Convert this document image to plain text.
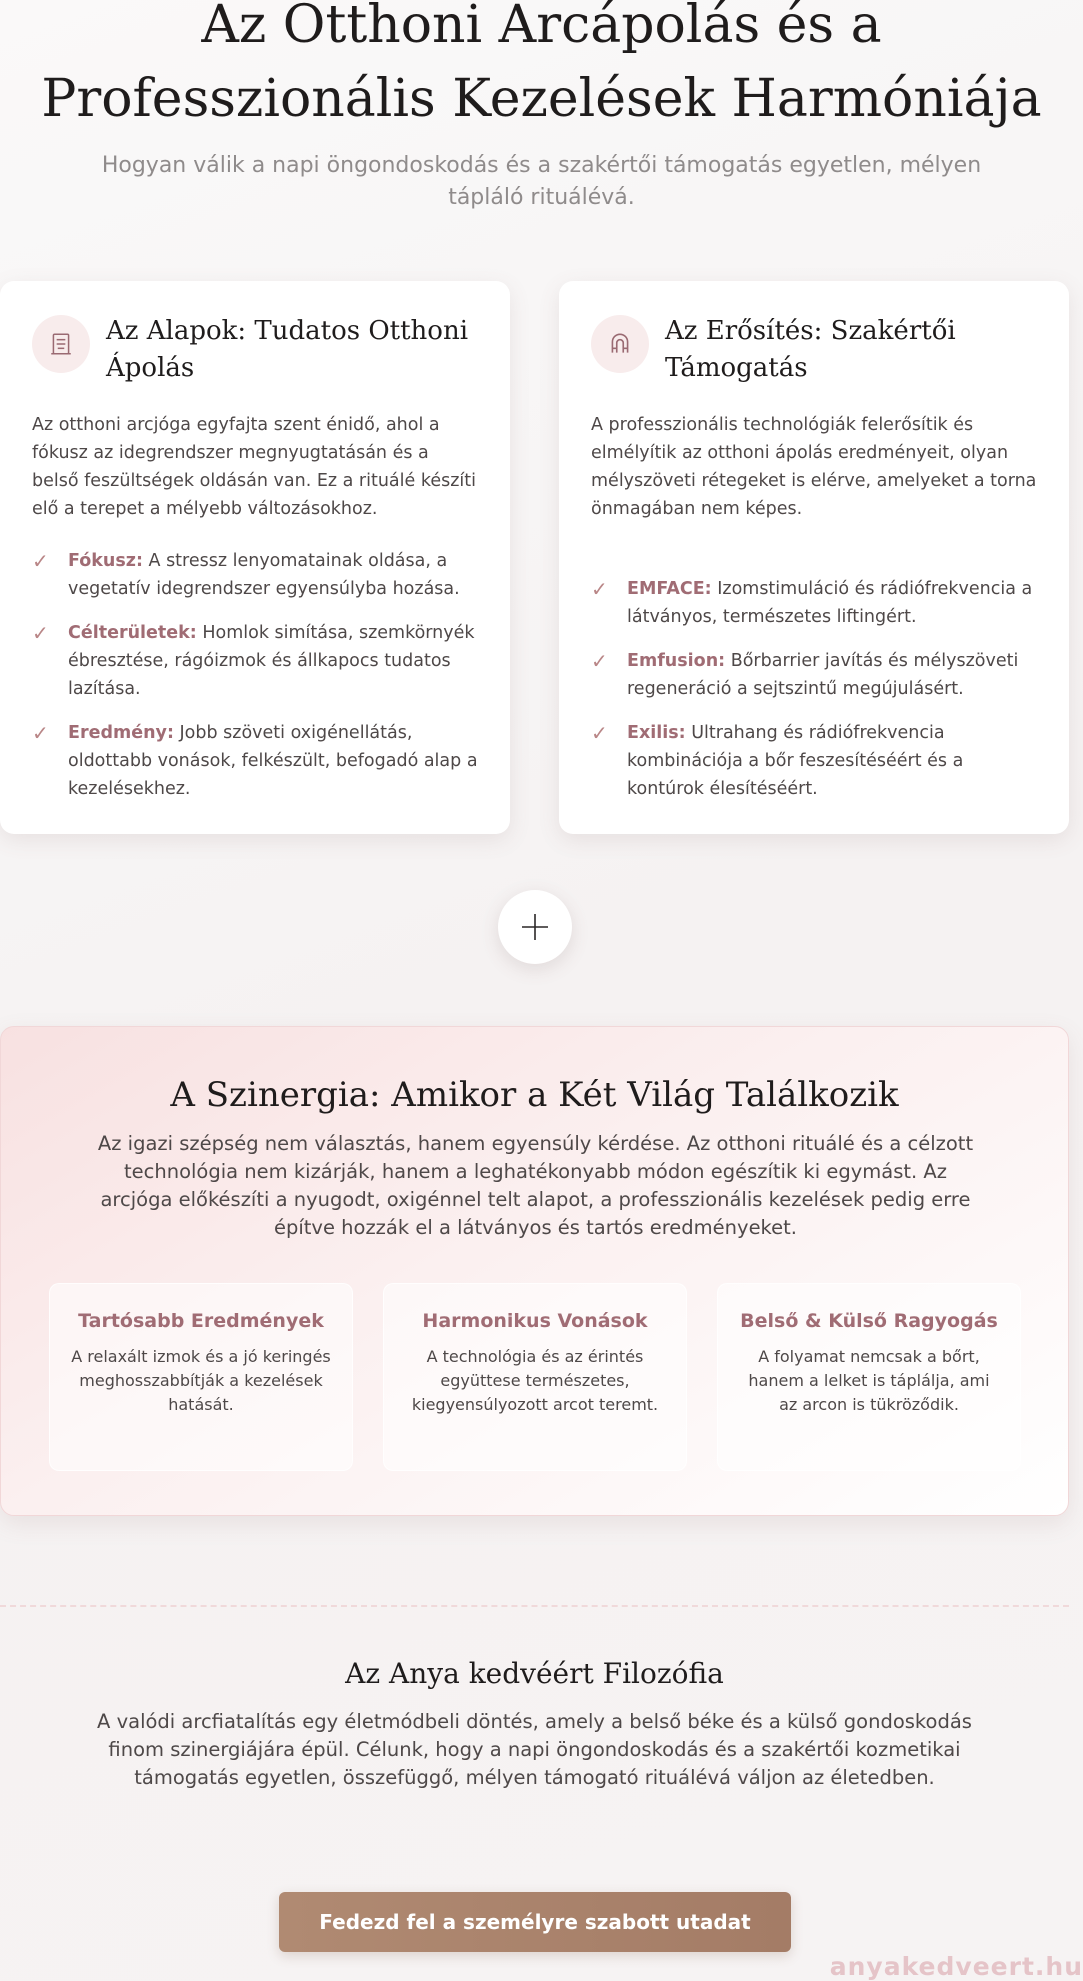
Az Otthoni Arcápolás és a Professzionális Kezelések Harmóniája

Hogyan válik a napi öngondoskodás és a szakértői támogatás egyetlen, mélyen tápláló rituálévá.

Az Alapok: Tudatos Otthoni Ápolás

Az otthoni arcjóga egyfajta szent énidő, ahol a fókusz az idegrendszer megnyugtatásán és a belső feszültségek oldásán van. Ez a rituálé készíti elő a terepet a mélyebb változásokhoz.

✓ Fókusz: A stressz lenyomatainak oldása, a vegetatív idegrendszer egyensúlyba hozása.
✓ Célterületek: Homlok simítása, szemkörnyék ébresztése, rágóizmok és állkapocs tudatos lazítása.
✓ Eredmény: Jobb szöveti oxigénellátás, oldottabb vonások, felkészült, befogadó alap a kezelésekhez.
Az Erősítés: Szakértői Támogatás

A professzionális technológiák felerősítik és elmélyítik az otthoni ápolás eredményeit, olyan mélyszöveti rétegeket is elérve, amelyeket a torna önmagában nem képes.

✓ EMFACE: Izomstimuláció és rádiófrekvencia a látványos, természetes liftingért.
✓ Emfusion: Bőrbarrier javítás és mélyszöveti regeneráció a sejtszintű megújulásért.
✓ Exilis: Ultrahang és rádiófrekvencia kombinációja a bőr feszesítéséért és a kontúrok élesítéséért.
A Szinergia: Amikor a Két Világ Találkozik

Az igazi szépség nem választás, hanem egyensúly kérdése. Az otthoni rituálé és a célzott technológia nem kizárják, hanem a leghatékonyabb módon egészítik ki egymást. Az arcjóga előkészíti a nyugodt, oxigénnel telt alapot, a professzionális kezelések pedig erre építve hozzák el a látványos és tartós eredményeket.

Tartósabb Eredmények
A relaxált izmok és a jó keringés meghosszabbítják a kezelések hatását.
Harmonikus Vonások
A technológia és az érintés együttese természetes, kiegyensúlyozott arcot teremt.
Belső & Külső Ragyogás
A folyamat nemcsak a bőrt, hanem a lelket is táplálja, ami az arcon is tükröződik.
Az Anya kedvéért Filozófia

A valódi arcfiatalítás egy életmódbeli döntés, amely a belső béke és a külső gondoskodás finom szinergiájára épül. Célunk, hogy a napi öngondoskodás és a szakértői kozmetikai támogatás egyetlen, összefüggő, mélyen támogató rituálévá váljon az életedben.

Fedezd fel a személyre szabott utadat
anyakedveert.hu
